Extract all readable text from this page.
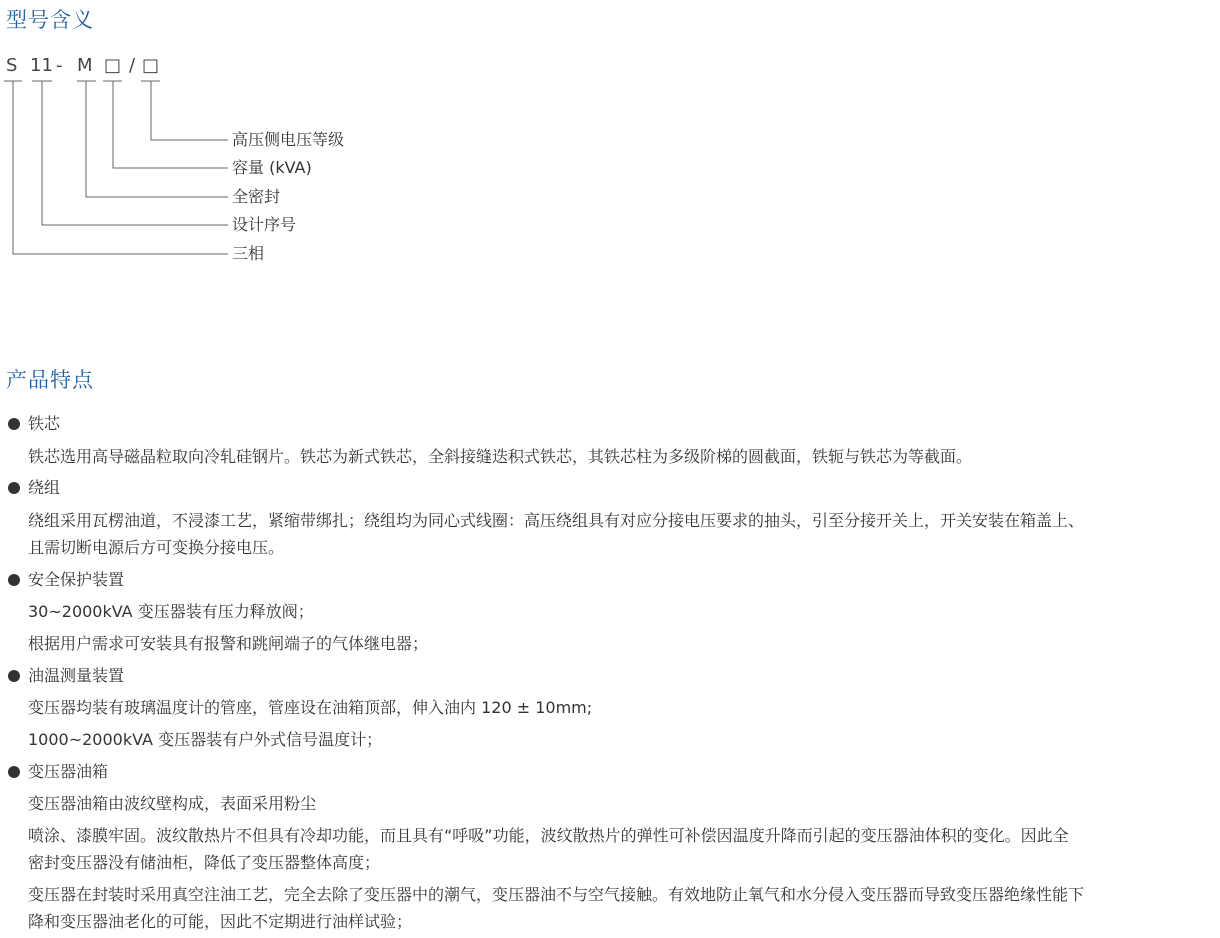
型号含义
S 11 - M □ / □
高压侧电压等级
容量 (kVA)
全密封
设计序号
三相
产品特点
铁芯
铁芯选用高导磁晶粒取向冷轧硅钢片。铁芯为新式铁芯，全斜接缝迭积式铁芯，其铁芯柱为多级阶梯的圆截面，铁轭与铁芯为等截面。
绕组
绕组采用瓦楞油道，不浸漆工艺，紧缩带绑扎；绕组均为同心式线圈：高压绕组具有对应分接电压要求的抽头，引至分接开关上，开关安装在箱盖上、
且需切断电源后方可变换分接电压。
安全保护装置
30~2000kVA 变压器装有压力释放阀；
根据用户需求可安装具有报警和跳闸端子的气体继电器；
油温测量装置
变压器均装有玻璃温度计的管座，管座设在油箱顶部，伸入油内 120 ± 10mm;
1000~2000kVA 变压器装有户外式信号温度计；
变压器油箱
变压器油箱由波纹壁构成，表面采用粉尘
喷涂、漆膜牢固。波纹散热片不但具有冷却功能，而且具有“呼吸”功能，波纹散热片的弹性可补偿因温度升降而引起的变压器油体积的变化。因此全
密封变压器没有储油柜，降低了变压器整体高度；
变压器在封装时采用真空注油工艺，完全去除了变压器中的潮气，变压器油不与空气接触。有效地防止氧气和水分侵入变压器而导致变压器绝缘性能下
降和变压器油老化的可能，因此不定期进行油样试验；
